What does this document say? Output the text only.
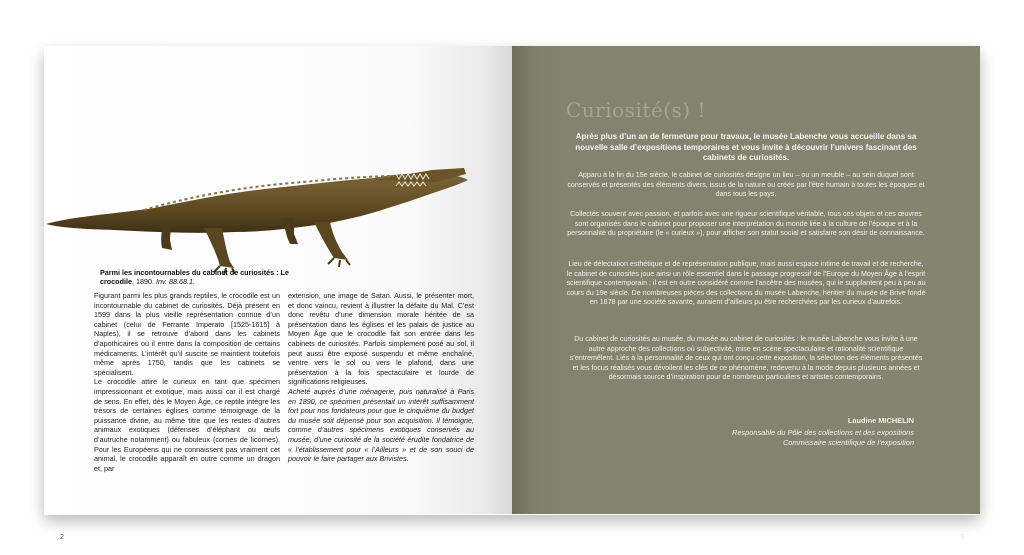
Parmi les incontournables du cabinet de curiosités : Le crocodile, 1890. Inv. 88.68.1.

Figurant parmi les plus grands reptiles, le crocodile est un incontournable du cabinet de curiosités. Déjà présent en 1599 dans la plus vieille représentation connue d’un cabinet (celui de Ferrante Imperato [1525-1615] à Naples), il se retrouve d’abord dans les cabinets d’apothicaires où il entre dans la composition de certains médicaments. L’intérêt qu’il suscite se maintient toutefois même après 1750, tandis que les cabinets se spécialisent.

Le crocodile attire le curieux en tant que spécimen impressionnant et exotique, mais aussi car il est chargé de sens. En effet, dès le Moyen Âge, ce reptile intègre les trésors de certaines églises comme témoignage de la puissance divine, au même titre que les restes d’autres animaux exotiques (défenses d’éléphant ou œufs d’autruche notamment) ou fabuleux (cornes de licornes). Pour les Européens qui ne connaissent pas vraiment cet animal, le crocodile apparaît en outre comme un dragon et, par

extension, une image de Satan. Aussi, le présenter mort, et donc vaincu, revient à illustrer la défaite du Mal. C’est donc revêtu d’une dimension morale héritée de sa présentation dans les églises et les palais de justice au Moyen Âge que le crocodile fait son entrée dans les cabinets de curiosités. Parfois simplement posé au sol, il peut aussi être exposé suspendu et même enchaîné, ventre vers le sol ou vers le plafond, dans une présentation à la fois spectaculaire et lourde de significations religieuses.

Acheté auprès d’une ménagerie, puis naturalisé à Paris en 1890, ce spécimen présentait un intérêt suffisamment fort pour nos fondateurs pour que le cinquième du budget du musée soit dépensé pour son acquisition. Il témoigne, comme d’autres spécimens exotiques conservés au musée, d’une curiosité de la société érudite fondatrice de « l’établissement pour « l’Ailleurs » et de son souci de pouvoir le faire partager aux Brivistes.

2
Curiosité(s) !

Après plus d’un an de fermeture pour travaux, le musée Labenche vous accueille dans sa nouvelle salle d’expositions temporaires et vous invite à découvrir l’univers fascinant des cabinets de curiosités.

Apparu à la fin du 15e siècle, le cabinet de curiosités désigne un lieu – ou un meuble – au sein duquel sont conservés et présentés des éléments divers, issus de la nature ou créés par l’être humain à toutes les époques et dans tous les pays.

Collectés souvent avec passion, et parfois avec une rigueur scientifique véritable, tous ces objets et ces œuvres sont organisés dans le cabinet pour proposer une interprétation du monde liée à la culture de l’époque et à la personnalité du propriétaire (le « curieux »), pour afficher son statut social et satisfaire son désir de connaissance.

Lieu de délectation esthétique et de représentation publique, mais aussi espace intime de travail et de recherche, le cabinet de curiosités joue ainsi un rôle essentiel dans le passage progressif de l’Europe du Moyen Âge à l’esprit scientifique contemporain ; il est en outre considéré comme l’ancêtre des musées, qui le supplantent peu à peu au cours du 19e siècle. De nombreuses pièces des collections du musée Labenche, héritier du musée de Brive fondé en 1878 par une société savante, auraient d’ailleurs pu être recherchées par les curieux d’autrefois.

Du cabinet de curiosités au musée, du musée au cabinet de curiosités : le musée Labenche vous invite à une autre approche des collections où subjectivité, mise en scène spectaculaire et rationalité scientifique s’entremêlent. Liés à la personnalité de ceux qui ont conçu cette exposition, la sélection des éléments présentés et les focus réalisés vous dévoilent les clés de ce phénomène, redevenu à la mode depuis plusieurs années et désormais source d’inspiration pour de nombreux particuliers et artistes contemporains.

Laudine MICHELIN

Responsable du Pôle des collections et des expositions
Commissaire scientifique de l’exposition

3
